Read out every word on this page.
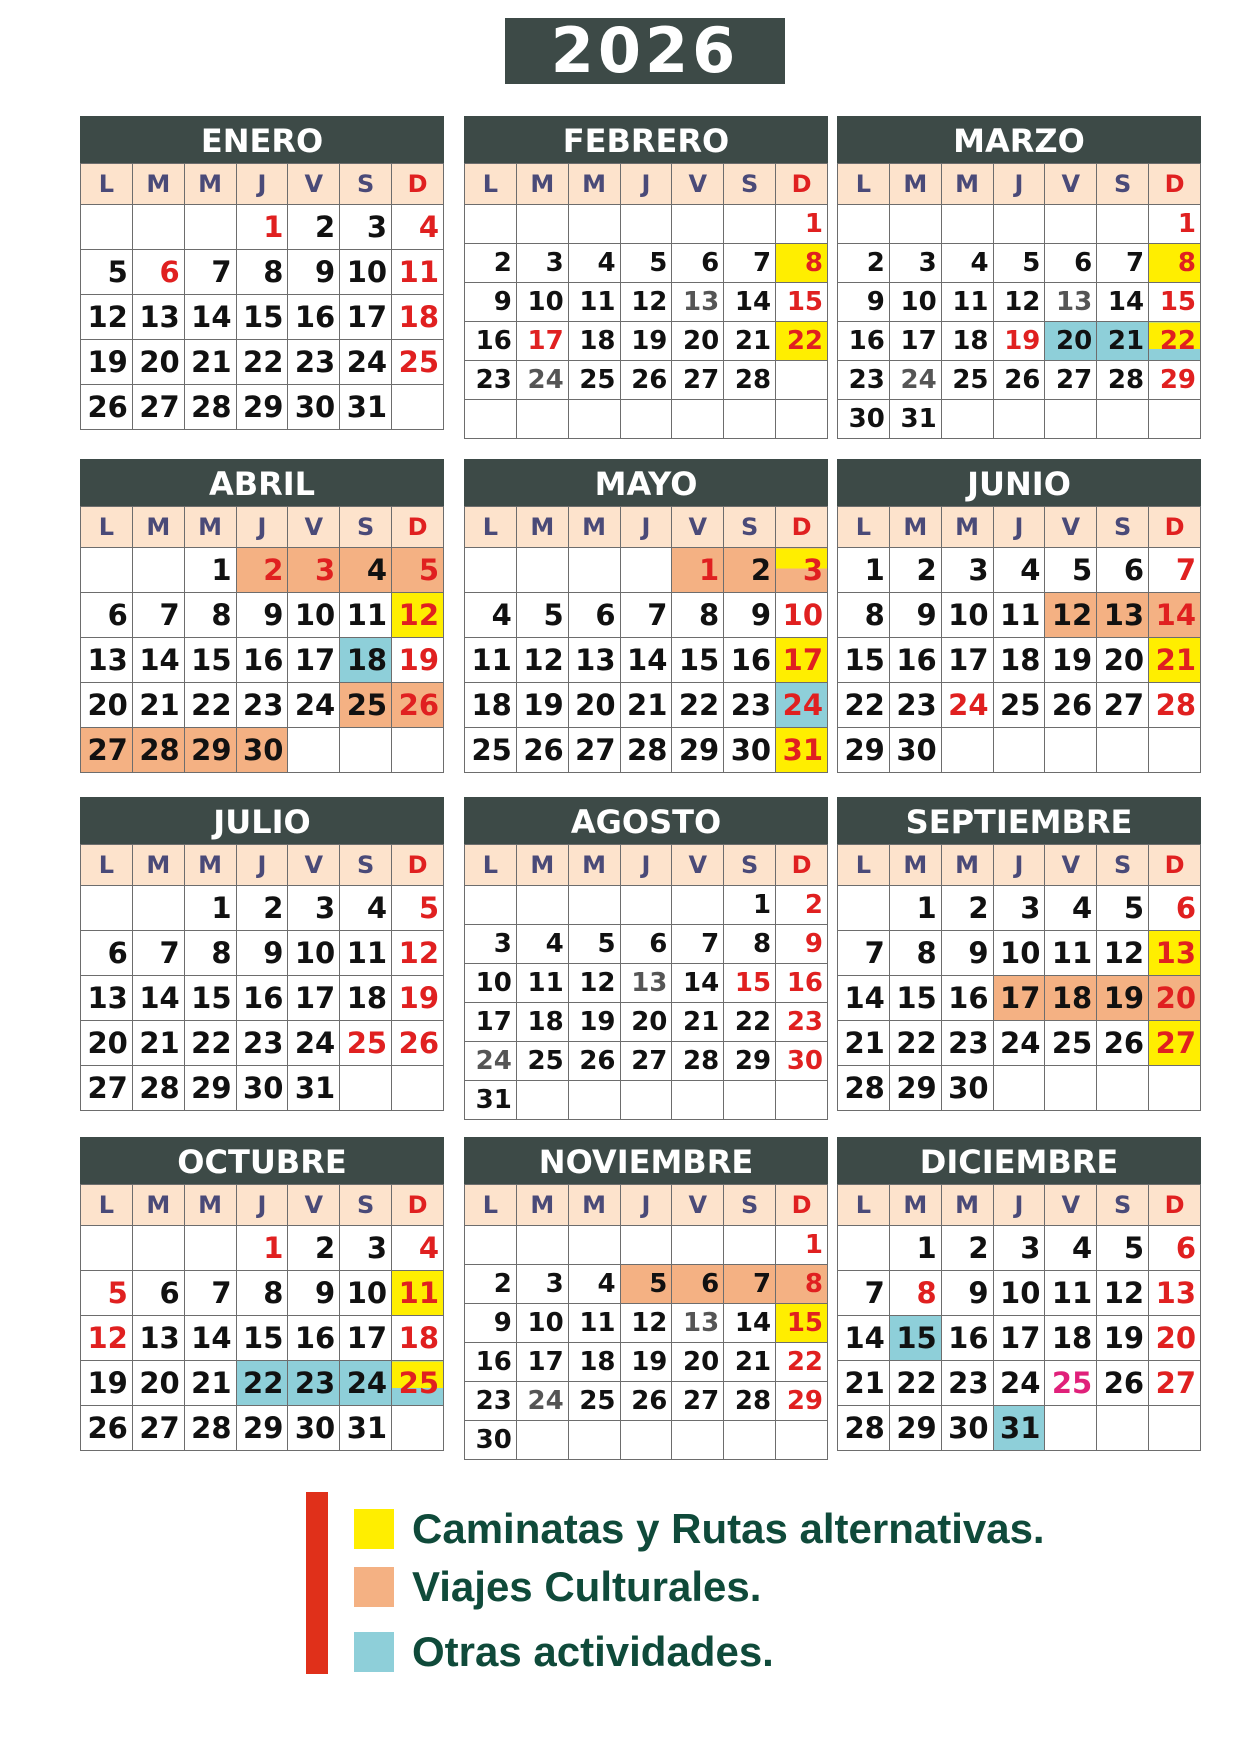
2026
ENERO
L	M	M	J	V	S	D
			1	2	3	4
5	6	7	8	9	10	11
12	13	14	15	16	17	18
19	20	21	22	23	24	25
26	27	28	29	30	31	
FEBRERO
L	M	M	J	V	S	D
						1
2	3	4	5	6	7	8
9	10	11	12	13	14	15
16	17	18	19	20	21	22
23	24	25	26	27	28	

MARZO
L	M	M	J	V	S	D
						1
2	3	4	5	6	7	8
9	10	11	12	13	14	15
16	17	18	19	20	21	22
23	24	25	26	27	28	29
30	31					
ABRIL
L	M	M	J	V	S	D
		1	2	3	4	5
6	7	8	9	10	11	12
13	14	15	16	17	18	19
20	21	22	23	24	25	26
27	28	29	30			
MAYO
L	M	M	J	V	S	D
				1	2	3
4	5	6	7	8	9	10
11	12	13	14	15	16	17
18	19	20	21	22	23	24
25	26	27	28	29	30	31
JUNIO
L	M	M	J	V	S	D
1	2	3	4	5	6	7
8	9	10	11	12	13	14
15	16	17	18	19	20	21
22	23	24	25	26	27	28
29	30					
JULIO
L	M	M	J	V	S	D
		1	2	3	4	5
6	7	8	9	10	11	12
13	14	15	16	17	18	19
20	21	22	23	24	25	26
27	28	29	30	31		
AGOSTO
L	M	M	J	V	S	D
					1	2
3	4	5	6	7	8	9
10	11	12	13	14	15	16
17	18	19	20	21	22	23
24	25	26	27	28	29	30
31						
SEPTIEMBRE
L	M	M	J	V	S	D
	1	2	3	4	5	6
7	8	9	10	11	12	13
14	15	16	17	18	19	20
21	22	23	24	25	26	27
28	29	30				
OCTUBRE
L	M	M	J	V	S	D
			1	2	3	4
5	6	7	8	9	10	11
12	13	14	15	16	17	18
19	20	21	22	23	24	25
26	27	28	29	30	31	
NOVIEMBRE
L	M	M	J	V	S	D
						1
2	3	4	5	6	7	8
9	10	11	12	13	14	15
16	17	18	19	20	21	22
23	24	25	26	27	28	29
30						
DICIEMBRE
L	M	M	J	V	S	D
	1	2	3	4	5	6
7	8	9	10	11	12	13
14	15	16	17	18	19	20
21	22	23	24	25	26	27
28	29	30	31			
Caminatas y Rutas alternativas.
Viajes Culturales.
Otras actividades.
